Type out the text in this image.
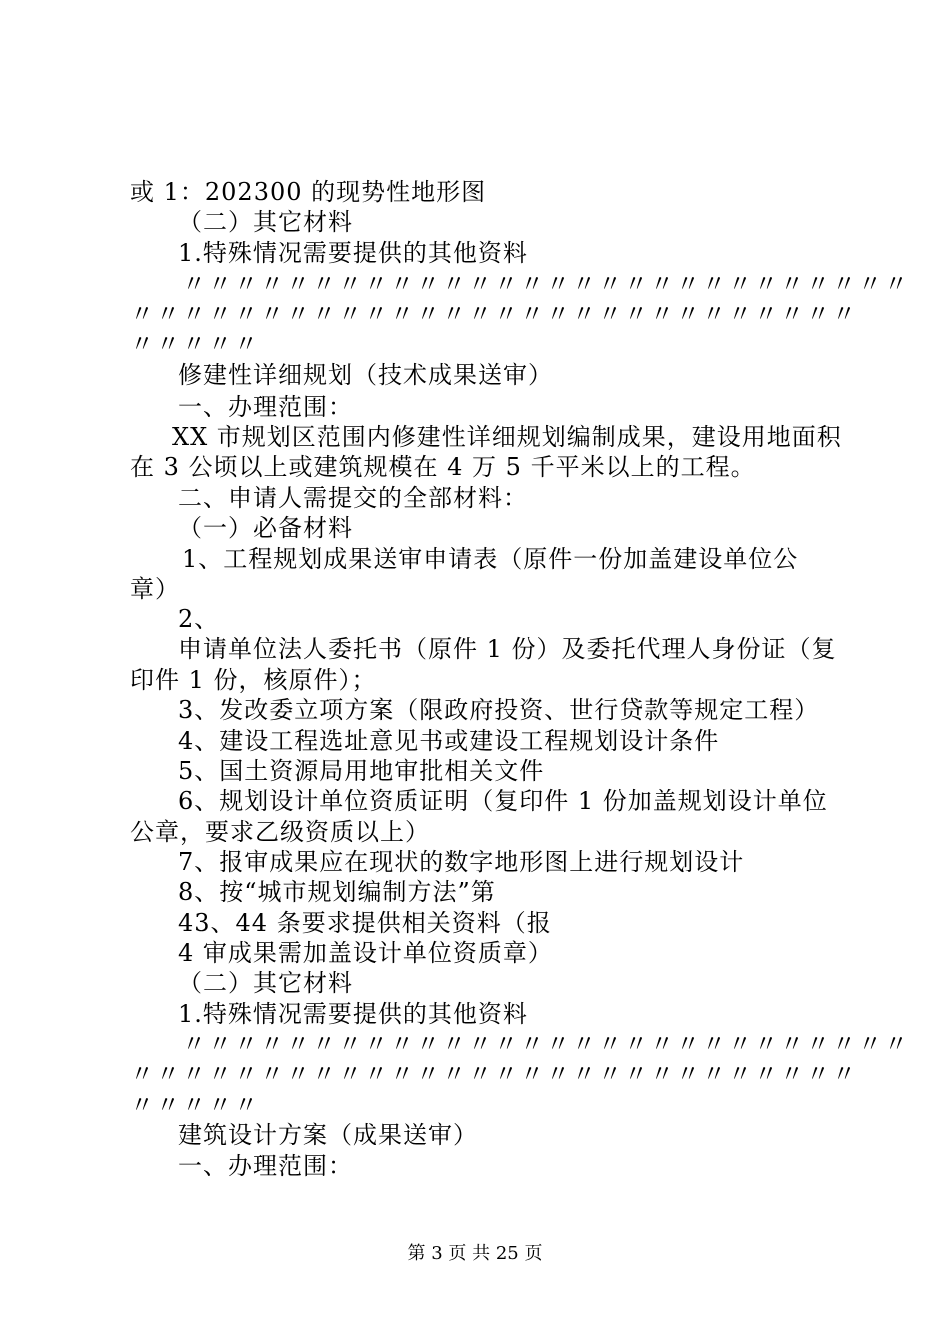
或 1：202300 的现势性地形图
（二）其它材料
1.特殊情况需要提供的其他资料
〃〃〃〃〃〃〃〃〃〃〃〃〃〃〃〃〃〃〃〃〃〃〃〃〃〃〃〃
〃〃〃〃〃〃〃〃〃〃〃〃〃〃〃〃〃〃〃〃〃〃〃〃〃〃〃〃
〃〃〃〃〃
修建性详细规划（技术成果送审）
一、办理范围：
XX 市规划区范围内修建性详细规划编制成果，建设用地面积
在 3 公顷以上或建筑规模在 4 万 5 千平米以上的工程。
二、申请人需提交的全部材料：
（一）必备材料
1、工程规划成果送审申请表（原件一份加盖建设单位公
章）
2、
申请单位法人委托书（原件 1 份）及委托代理人身份证（复
印件 1 份，核原件）；
3、发改委立项方案（限政府投资、世行贷款等规定工程）
4、建设工程选址意见书或建设工程规划设计条件
5、国土资源局用地审批相关文件
6、规划设计单位资质证明（复印件 1 份加盖规划设计单位
公章，要求乙级资质以上）
7、报审成果应在现状的数字地形图上进行规划设计
8、按“城市规划编制方法”第
43、44 条要求提供相关资料（报
4 审成果需加盖设计单位资质章）
（二）其它材料
1.特殊情况需要提供的其他资料
〃〃〃〃〃〃〃〃〃〃〃〃〃〃〃〃〃〃〃〃〃〃〃〃〃〃〃〃
〃〃〃〃〃〃〃〃〃〃〃〃〃〃〃〃〃〃〃〃〃〃〃〃〃〃〃〃
〃〃〃〃〃
建筑设计方案（成果送审）
一、办理范围：
第 3 页 共 25 页
